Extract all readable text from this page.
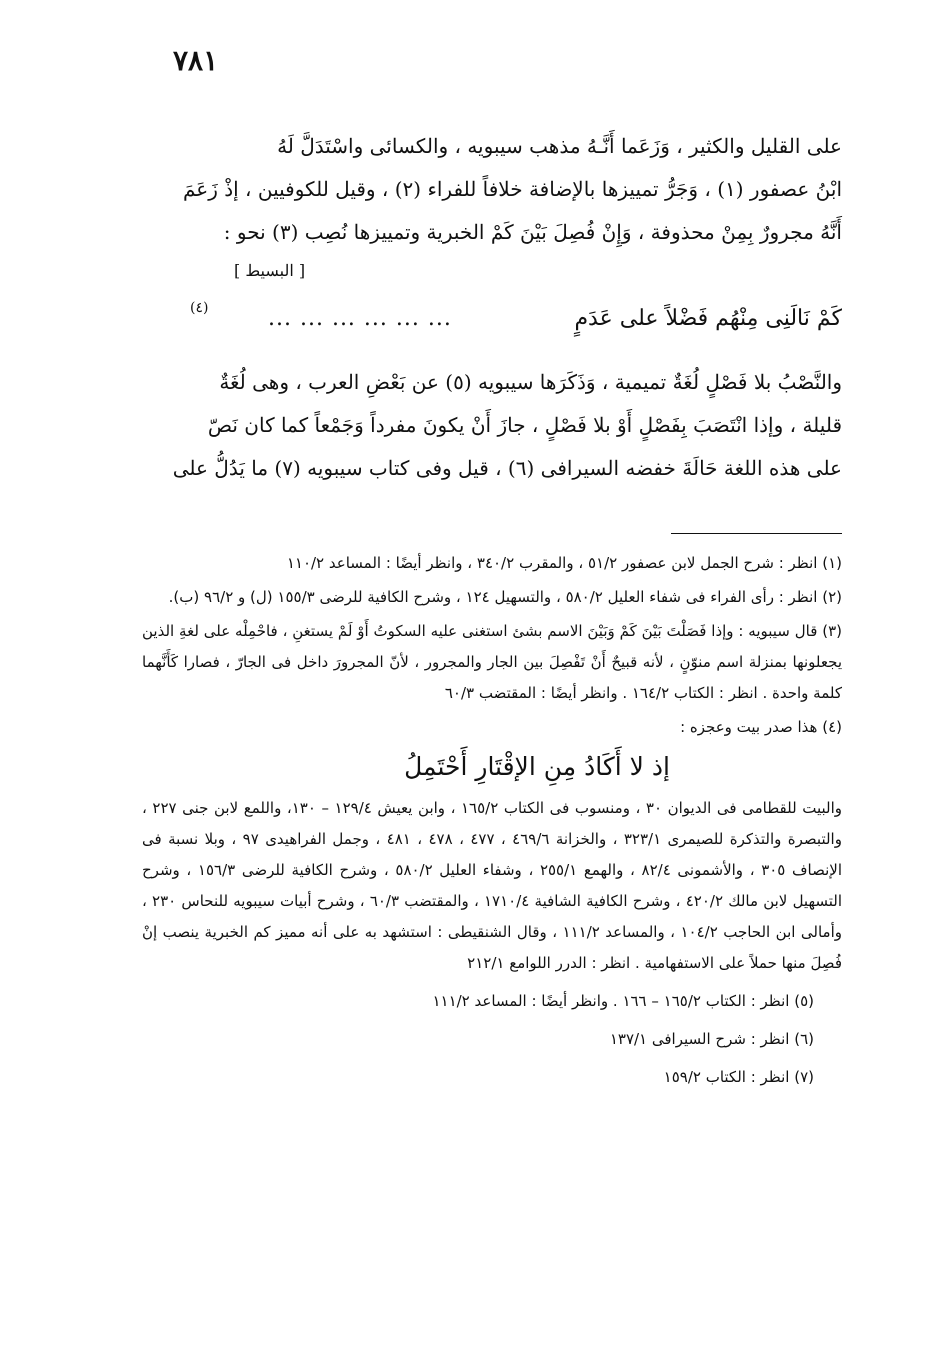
٧٨١

على القليل والكثير ، وَزَعَما أَنَّـهُ مذهب سيبويه ، والكسائى واسْتَدَلَّ لَهُ

ابْنُ عصفور (١) ، وَجَرُّ تمييزها بالإضافة خلافاً للفراء (٢) ، وقيل للكوفيين ، إذْ زَعَمَ

أَنَّهُ مجرورٌ بِمِنْ محذوفة ، وَإِنْ فُصِلَ بَيْنَ كَمْ الخبرية وتمييزها نُصِب (٣) نحو :

[ البسيط ]
كَمْ نَالَنِى مِنْهُم فَضْلاً على عَدَمٍ
... ... ... ... ... ...
(٤)

والنَّصْبُ بلا فَصْلٍ لُغَةٌ تميمية ، وَذَكَرَها سيبويه (٥) عن بَعْضِ العرب ، وهى لُغَةٌ

قليلة ، وإذا انْتَصَبَ بِفَصْلٍ أَوْ بلا فَصْلٍ ، جازَ أَنْ يكونَ مفرداً وَجَمْعاً كما كان نَصّ

على هذه اللغة حَالَةَ خفضه السيرافى (٦) ، قيل وفى كتاب سيبويه (٧) ما يَدُلُّ على

(١) انظر : شرح الجمل لابن عصفور ٥١/٢ ، والمقرب ٣٤٠/٢ ، وانظر أيضًا : المساعد ١١٠/٢

(٢) انظر : رأى الفراء فى شفاء العليل ٥٨٠/٢ ، والتسهيل ١٢٤ ، وشرح الكافية للرضى ١٥٥/٣ (ل) و ٩٦/٢ (ب).

(٣) قال سيبويه : وإذا فَصَلْتَ بَيْنَ كَمْ وَبَيْنَ الاسم بشئ استغنى عليه السكوتُ أَوْ لَمْ يستغنِ ، فاحْمِلْه على لغةِ الذين يجعلونها بمنزلة اسم منوّنٍ ، لأنه قبيحٌ أَنْ تَفْصِلَ بين الجار والمجرور ، لأنّ المجرورَ داخل فى الجارّ ، فصارا كَأَنَّهما كلمة واحدة . انظر : الكتاب ١٦٤/٢ . وانظر أيضًا : المقتضب ٦٠/٣

(٤) هذا صدر بيت وعجزه :

إذ لا أَكَادُ مِنِ الإقْتَارِ أَحْتَمِلُ

والبيت للقطامى فى الديوان ٣٠ ، ومنسوب فى الكتاب ١٦٥/٢ ، وابن يعيش ١٢٩/٤ – ١٣٠، واللمع لابن جنى ٢٢٧ ، والتبصرة والتذكرة للصيمرى ٣٢٣/١ ، والخزانة ٤٦٩/٦ ، ٤٧٧ ، ٤٧٨ ، ٤٨١ ، وجمل الفراهيدى ٩٧ ، وبلا نسبة فى الإنصاف ٣٠٥ ، والأشمونى ٨٢/٤ ، والهمع ٢٥٥/١ ، وشفاء العليل ٥٨٠/٢ ، وشرح الكافية للرضى ١٥٦/٣ ، وشرح التسهيل لابن مالك ٤٢٠/٢ ، وشرح الكافية الشافية ١٧١٠/٤ ، والمقتضب ٦٠/٣ ، وشرح أبيات سيبويه للنحاس ٢٣٠ ، وأمالى ابن الحاجب ١٠٤/٢ ، والمساعد ١١١/٢ ، وقال الشنقيطى : استشهد به على أنه مميز كم الخبرية ينصب إنْ فُصِلَ منها حملاً على الاستفهامية . انظر : الدرر اللوامع ٢١٢/١

(٥) انظر : الكتاب ١٦٥/٢ – ١٦٦ . وانظر أيضًا : المساعد ١١١/٢

(٦) انظر : شرح السيرافى ١٣٧/١

(٧) انظر : الكتاب ١٥٩/٢
